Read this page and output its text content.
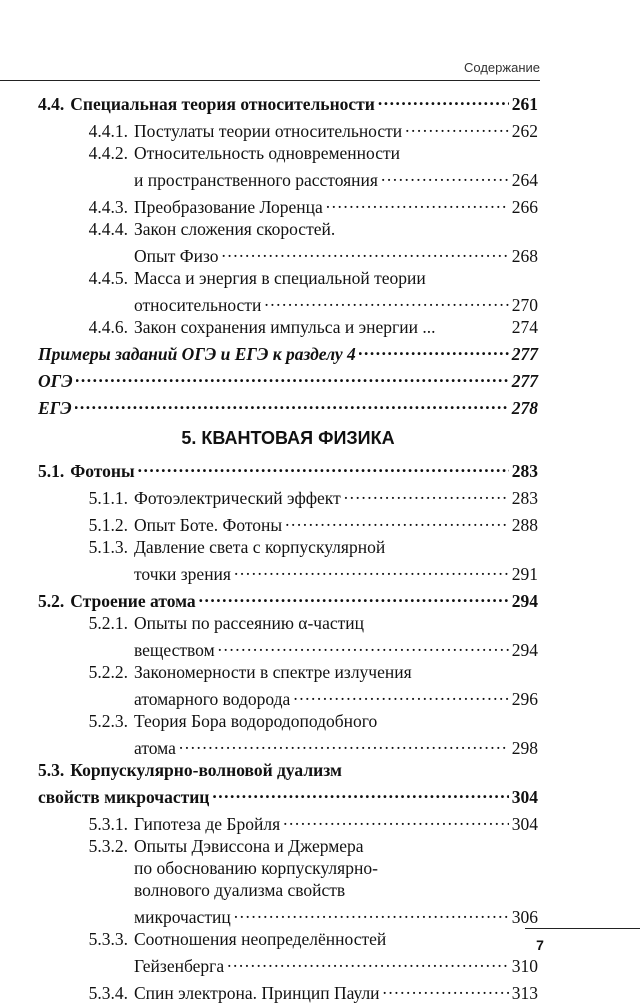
Содержание
4.4. Специальная теория относительности .....	261
4.4.1. Постулаты теории относительности .....	262
4.4.2. Относительность одновременности
и пространственного расстояния .....	264
4.4.3. Преобразование Лоренца .....	266
4.4.4. Закон сложения скоростей.
Опыт Физо .....	268
4.4.5. Масса и энергия в специальной теории
относительности .....	270
4.4.6. Закон сохранения импульса и энергии ...	274
Примеры заданий ОГЭ и ЕГЭ к разделу 4 .....	277
ОГЭ .....	277
ЕГЭ .....	278
5. КВАНТОВАЯ ФИЗИКА
5.1. Фотоны .....	283
5.1.1. Фотоэлектрический эффект .....	283
5.1.2. Опыт Боте. Фотоны .....	288
5.1.3. Давление света с корпускулярной
точки зрения .....	291
5.2. Строение атома .....	294
5.2.1. Опыты по рассеянию α-частиц
веществом .....	294
5.2.2. Закономерности в спектре излучения
атомарного водорода .....	296
5.2.3. Теория Бора водородоподобного
атома .....	298
5.3. Корпускулярно-волновой дуализм
свойств микрочастиц .....	304
5.3.1. Гипотеза де Бройля .....	304
5.3.2. Опыты Дэвиссона и Джермера
по обоснованию корпускулярно-
волнового дуализма свойств
микрочастиц .....	306
5.3.3. Соотношения неопределённостей
Гейзенберга .....	310
5.3.4. Спин электрона. Принцип Паули .....	313
7
